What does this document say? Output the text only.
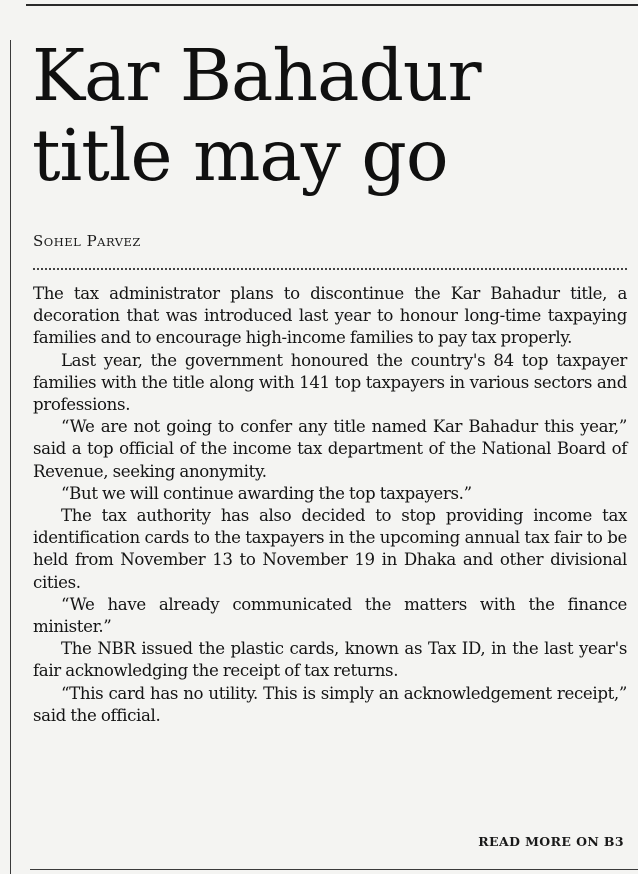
Kar Bahadur title may go
SOHEL PARVEZ

The tax administrator plans to discontinue the Kar Bahadur title, a decoration that was introduced last year to honour long-time taxpaying families and to encourage high-income families to pay tax properly.

Last year, the government honoured the country's 84 top taxpayer families with the title along with 141 top taxpayers in various sectors and professions.

“We are not going to confer any title named Kar Bahadur this year,” said a top official of the income tax department of the National Board of Revenue, seeking anonymity.

“But we will continue awarding the top taxpayers.”

The tax authority has also decided to stop providing income tax identification cards to the taxpayers in the upcoming annual tax fair to be held from November 13 to November 19 in Dhaka and other divisional cities.

“We have already communicated the matters with the finance minister.”

The NBR issued the plastic cards, known as Tax ID, in the last year's fair acknowledging the receipt of tax returns.

“This card has no utility. This is simply an acknowledgement receipt,” said the official.

READ MORE ON B3
